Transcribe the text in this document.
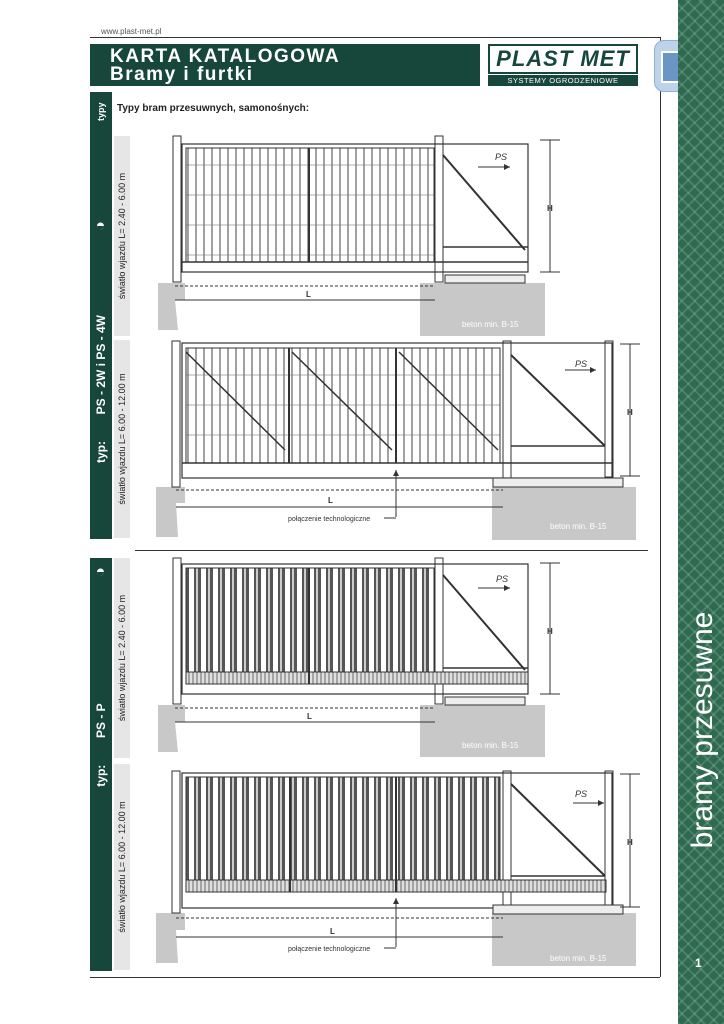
www.plast-met.pl
KARTA KATALOGOWA
Bramy i furtki
PLAST MET
SYSTEMY OGRODZENIOWE
bramy przesuwne
1
typy
◑
typ:        PS - 2W i PS - 4W
światło wjazdu L= 2.40 - 6.00 m
światło wjazdu L= 6.00 - 12.00 m
Typy bram przesuwnych, samonośnych:
◑
typ:        PS - P światło wjazdu L= 2.40 - 6.00 m
światło wjazdu L= 6.00 - 12.00 m
PS
H
L
beton min. B-15
PS
H
L
połączenie technologiczne
beton min. B-15
PS
H
L
beton min. B-15
PS
H
L
połączenie technologiczne
beton min. B-15
